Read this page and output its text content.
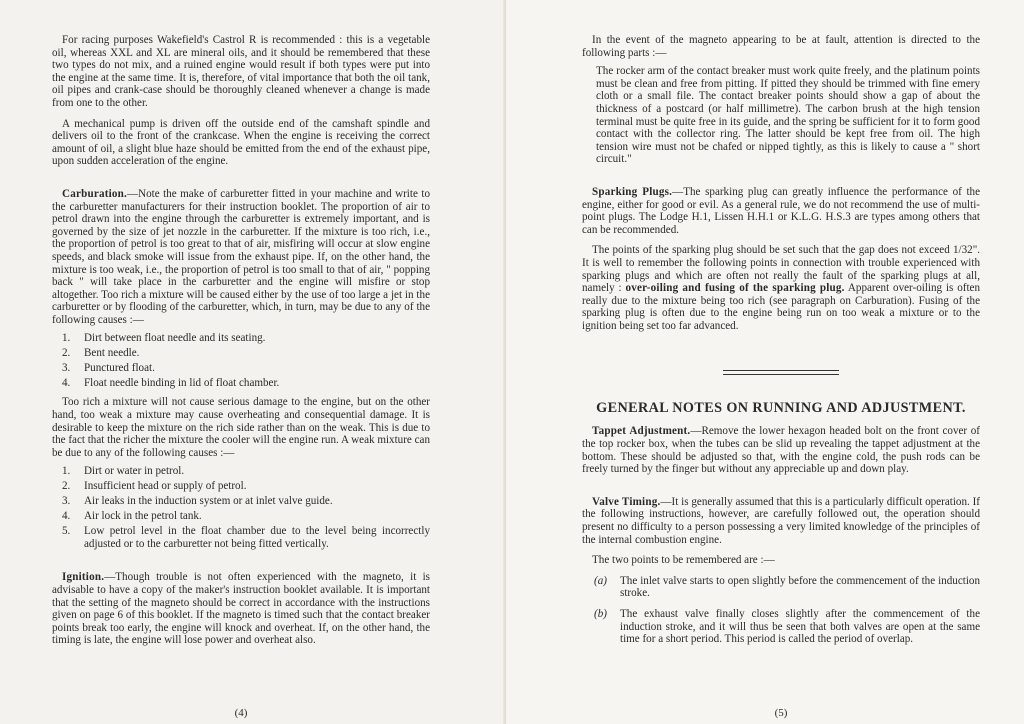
For racing purposes Wakefield's Castrol R is recommended : this is a vegetable oil, whereas XXL and XL are mineral oils, and it should be remembered that these two types do not mix, and a ruined engine would result if both types were put into the engine at the same time. It is, therefore, of vital importance that both the oil tank, oil pipes and crank-case should be thoroughly cleaned whenever a change is made from one to the other.

A mechanical pump is driven off the outside end of the camshaft spindle and delivers oil to the front of the crankcase. When the engine is receiving the correct amount of oil, a slight blue haze should be emitted from the end of the exhaust pipe, upon sudden acceleration of the engine.

Carburation.—Note the make of carburetter fitted in your machine and write to the carburetter manufacturers for their instruction booklet. The proportion of air to petrol drawn into the engine through the carburetter is extremely important, and is governed by the size of jet nozzle in the carburetter. If the mixture is too rich, i.e., the proportion of petrol is too great to that of air, misfiring will occur at slow engine speeds, and black smoke will issue from the exhaust pipe. If, on the other hand, the mixture is too weak, i.e., the proportion of petrol is too small to that of air, " popping back " will take place in the carburetter and the engine will misfire or stop altogether. Too rich a mixture will be caused either by the use of too large a jet in the carburetter or by flooding of the carburetter, which, in turn, may be due to any of the following causes :—

1.	Dirt between float needle and its seating.
2.	Bent needle.
3.	Punctured float.
4.	Float needle binding in lid of float chamber.

Too rich a mixture will not cause serious damage to the engine, but on the other hand, too weak a mixture may cause overheating and consequential damage. It is desirable to keep the mixture on the rich side rather than on the weak. This is due to the fact that the richer the mixture the cooler will the engine run. A weak mixture can be due to any of the following causes :—

1.	Dirt or water in petrol.
2.	Insufficient head or supply of petrol.
3.	Air leaks in the induction system or at inlet valve guide.
4.	Air lock in the petrol tank.
5.	Low petrol level in the float chamber due to the level being incorrectly adjusted or to the carburetter not being fitted vertically.

Ignition.—Though trouble is not often experienced with the magneto, it is advisable to have a copy of the maker's instruction booklet available. It is important that the setting of the magneto should be correct in accordance with the instructions given on page 6 of this booklet. If the magneto is timed such that the contact breaker points break too early, the engine will knock and overheat. If, on the other hand, the timing is late, the engine will lose power and overheat also.

(4)

In the event of the magneto appearing to be at fault, attention is directed to the following parts :—

The rocker arm of the contact breaker must work quite freely, and the platinum points must be clean and free from pitting. If pitted they should be trimmed with fine emery cloth or a small file. The contact breaker points should show a gap of about the thickness of a postcard (or half millimetre). The carbon brush at the high tension terminal must be quite free in its guide, and the spring be sufficient for it to form good contact with the collector ring. The latter should be kept free from oil. The high tension wire must not be chafed or nipped tightly, as this is likely to cause a " short circuit."

Sparking Plugs.—The sparking plug can greatly influence the performance of the engine, either for good or evil. As a general rule, we do not recommend the use of multi-point plugs. The Lodge H.1, Lissen H.H.1 or K.L.G. H.S.3 are types among others that can be recommended.

The points of the sparking plug should be set such that the gap does not exceed 1/32". It is well to remember the following points in connection with trouble experienced with sparking plugs and which are often not really the fault of the sparking plugs at all, namely : over-oiling and fusing of the sparking plug. Apparent over-oiling is often really due to the mixture being too rich (see paragraph on Carburation). Fusing of the sparking plug is often due to the engine being run on too weak a mixture or to the ignition being set too far advanced.

GENERAL NOTES ON RUNNING AND ADJUSTMENT.

Tappet Adjustment.—Remove the lower hexagon headed bolt on the front cover of the top rocker box, when the tubes can be slid up revealing the tappet adjustment at the bottom. These should be adjusted so that, with the engine cold, the push rods can be freely turned by the finger but without any appreciable up and down play.

Valve Timing.—It is generally assumed that this is a particularly difficult operation. If the following instructions, however, are carefully followed out, the operation should present no difficulty to a person possessing a very limited knowledge of the principles of the internal combustion engine.

The two points to be remembered are :—

(a)	The inlet valve starts to open slightly before the commencement of the induction stroke.
(b)	The exhaust valve finally closes slightly after the commencement of the induction stroke, and it will thus be seen that both valves are open at the same time for a short period. This period is called the period of overlap.
(5)
